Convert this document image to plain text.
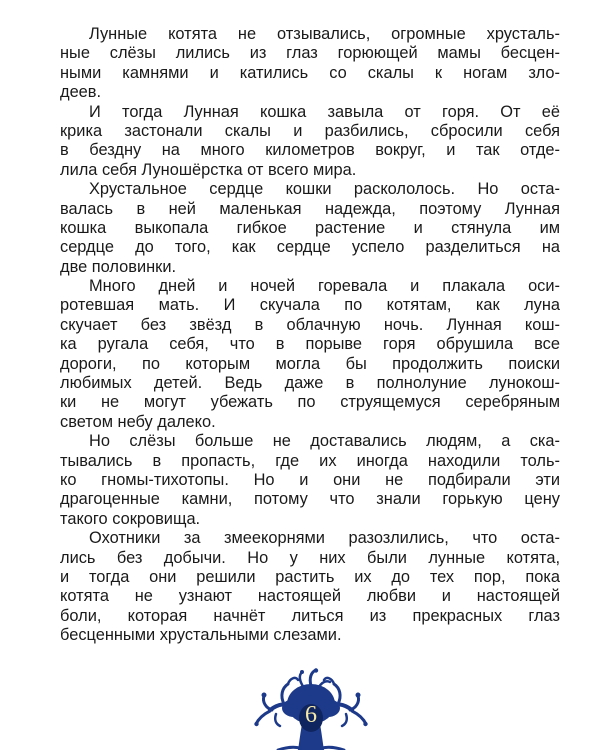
Лунные котята не отзывались, огромные хрусталь-
ные слёзы лились из глаз горюющей мамы бесцен-
ными камнями и катились со скалы к ногам зло-
деев.

И тогда Лунная кошка завыла от горя. От её
крика застонали скалы и разбились, сбросили себя
в бездну на много километров вокруг, и так отде-
лила себя Луношёрстка от всего мира.

Хрустальное сердце кошки раскололось. Но оста-
валась в ней маленькая надежда, поэтому Лунная
кошка выкопала гибкое растение и стянула им
сердце до того, как сердце успело разделиться на
две половинки.

Много дней и ночей горевала и плакала оси-
ротевшая мать. И скучала по котятам, как луна
скучает без звёзд в облачную ночь. Лунная кош-
ка ругала себя, что в порыве горя обрушила все
дороги, по которым могла бы продолжить поиски
любимых детей. Ведь даже в полнолуние лунокош-
ки не могут убежать по струящемуся серебряным
светом небу далеко.

Но слёзы больше не доставались людям, а ска-
тывались в пропасть, где их иногда находили толь-
ко гномы-тихотопы. Но и они не подбирали эти
драгоценные камни, потому что знали горькую цену
такого сокровища.

Охотники за змеекорнями разозлились, что оста-
лись без добычи. Но у них были лунные котята,
и тогда они решили растить их до тех пор, пока
котята не узнают настоящей любви и настоящей
боли, которая начнёт литься из прекрасных глаз
бесценными хрустальными слезами.

6
